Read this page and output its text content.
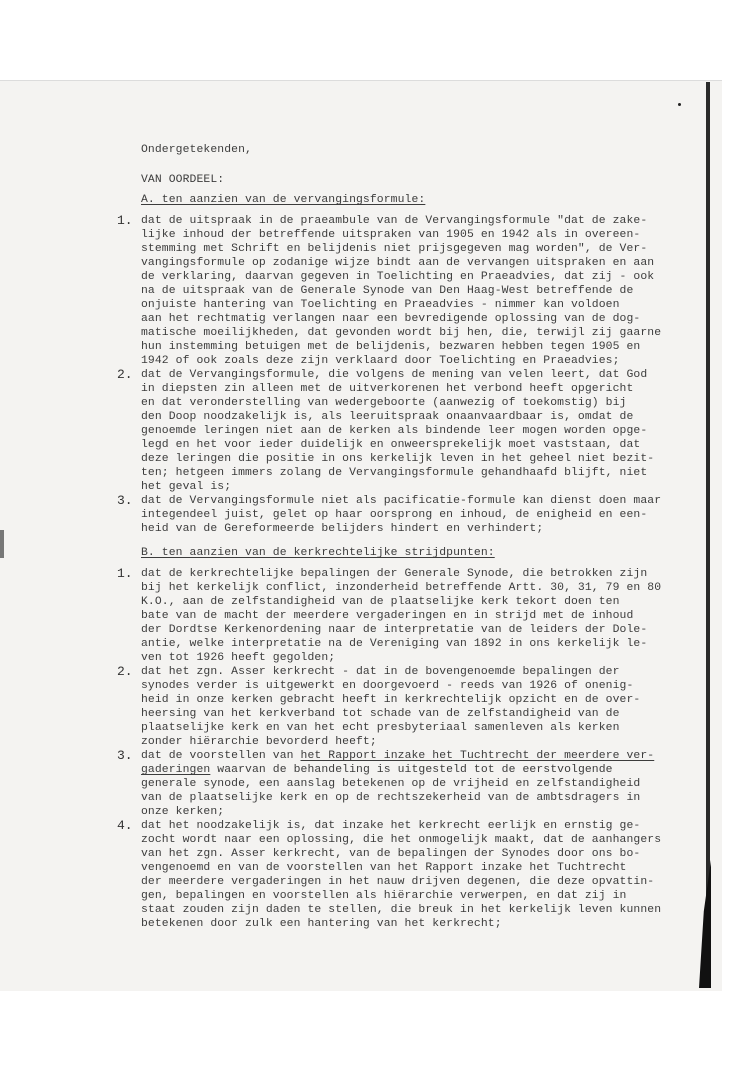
Ondergetekenden,
VAN OORDEEL:
A. ten aanzien van de vervangingsformule:
1. dat de uitspraak in de praeambule van de Vervangingsformule "dat de zake-
lijke inhoud der betreffende uitspraken van 1905 en 1942 als in overeen-
stemming met Schrift en belijdenis niet prijsgegeven mag worden", de Ver-
vangingsformule op zodanige wijze bindt aan de vervangen uitspraken en aan
de verklaring, daarvan gegeven in Toelichting en Praeadvies, dat zij - ook
na de uitspraak van de Generale Synode van Den Haag-West betreffende de
onjuiste hantering van Toelichting en Praeadvies - nimmer kan voldoen
aan het rechtmatig verlangen naar een bevredigende oplossing van de dog-
matische moeilijkheden, dat gevonden wordt bij hen, die, terwijl zij gaarne
hun instemming betuigen met de belijdenis, bezwaren hebben tegen 1905 en
1942 of ook zoals deze zijn verklaard door Toelichting en Praeadvies;
2. dat de Vervangingsformule, die volgens de mening van velen leert, dat God
in diepsten zin alleen met de uitverkorenen het verbond heeft opgericht
en dat veronderstelling van wedergeboorte (aanwezig of toekomstig) bij
den Doop noodzakelijk is, als leeruitspraak onaanvaardbaar is, omdat de
genoemde leringen niet aan de kerken als bindende leer mogen worden opge-
legd en het voor ieder duidelijk en onweersprekelijk moet vaststaan, dat
deze leringen die positie in ons kerkelijk leven in het geheel niet bezit-
ten; hetgeen immers zolang de Vervangingsformule gehandhaafd blijft, niet
het geval is;
3. dat de Vervangingsformule niet als pacificatie-formule kan dienst doen maar
integendeel juist, gelet op haar oorsprong en inhoud, de enigheid en een-
heid van de Gereformeerde belijders hindert en verhindert;
B. ten aanzien van de kerkrechtelijke strijdpunten:
1. dat de kerkrechtelijke bepalingen der Generale Synode, die betrokken zijn
bij het kerkelijk conflict, inzonderheid betreffende Artt. 30, 31, 79 en 80
K.O., aan de zelfstandigheid van de plaatselijke kerk tekort doen ten
bate van de macht der meerdere vergaderingen en in strijd met de inhoud
der Dordtse Kerkenordening naar de interpretatie van de leiders der Dole-
antie, welke interpretatie na de Vereniging van 1892 in ons kerkelijk le-
ven tot 1926 heeft gegolden;
2. dat het zgn. Asser kerkrecht - dat in de bovengenoemde bepalingen der
synodes verder is uitgewerkt en doorgevoerd - reeds van 1926 of onenig-
heid in onze kerken gebracht heeft in kerkrechtelijk opzicht en de over-
heersing van het kerkverband tot schade van de zelfstandigheid van de
plaatselijke kerk en van het echt presbyteriaal samenleven als kerken
zonder hiërarchie bevorderd heeft;
3. dat de voorstellen van het Rapport inzake het Tuchtrecht der meerdere ver-
gaderingen waarvan de behandeling is uitgesteld tot de eerstvolgende
generale synode, een aanslag betekenen op de vrijheid en zelfstandigheid
van de plaatselijke kerk en op de rechtszekerheid van de ambtsdragers in
onze kerken;
4. dat het noodzakelijk is, dat inzake het kerkrecht eerlijk en ernstig ge-
zocht wordt naar een oplossing, die het onmogelijk maakt, dat de aanhangers
van het zgn. Asser kerkrecht, van de bepalingen der Synodes door ons bo-
vengenoemd en van de voorstellen van het Rapport inzake het Tuchtrecht
der meerdere vergaderingen in het nauw drijven degenen, die deze opvattin-
gen, bepalingen en voorstellen als hiërarchie verwerpen, en dat zij in
staat zouden zijn daden te stellen, die breuk in het kerkelijk leven kunnen
betekenen door zulk een hantering van het kerkrecht;
